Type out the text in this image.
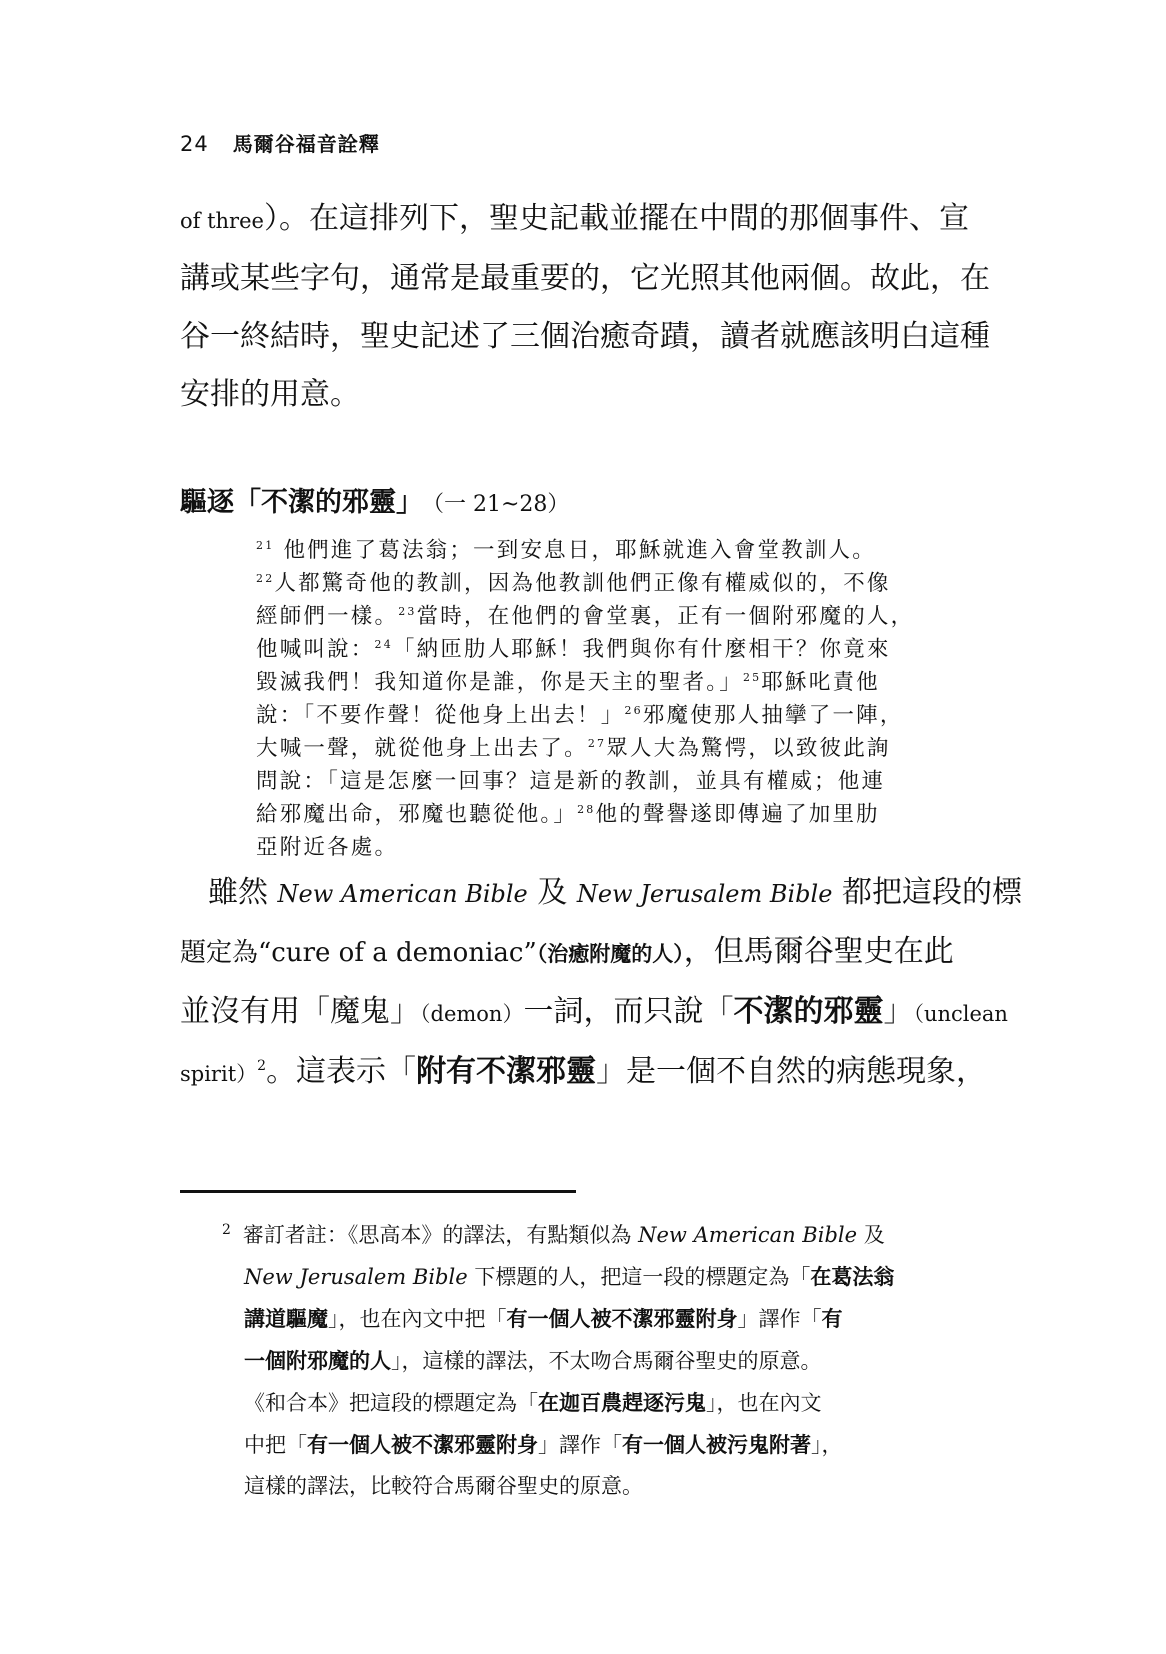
24 馬爾谷福音詮釋

of three）。在這排列下，聖史記載並擺在中間的那個事件、宣

講或某些字句，通常是最重要的，它光照其他兩個。故此，在

谷一終結時，聖史記述了三個治癒奇蹟，讀者就應該明白這種

安排的用意。

驅逐「不潔的邪靈」 （一 21~28）

$^{21}$ 他們進了葛法翁；一到安息日，耶穌就進入會堂教訓人。

$^{22}$人都驚奇他的教訓，因為他教訓他們正像有權威似的，不像

經師們一樣。$^{23}$當時，在他們的會堂裏，正有一個附邪魔的人，

他喊叫說：$^{24}$「納匝肋人耶穌！我們與你有什麼相干？你竟來

毀滅我們！我知道你是誰，你是天主的聖者。」$^{25}$耶穌叱責他

說：「不要作聲！從他身上出去！」$^{26}$邪魔使那人抽攣了一陣，

大喊一聲，就從他身上出去了。$^{27}$眾人大為驚愕，以致彼此詢

問說：「這是怎麼一回事？這是新的教訓，並具有權威；他連

給邪魔出命，邪魔也聽從他。」$^{28}$他的聲譽遂即傳遍了加里肋

亞附近各處。

雖然 New American Bible 及 New Jerusalem Bible 都把這段的標

題定為“cure of a demoniac”（治癒附魔的人），但馬爾谷聖史在此

並沒有用「魔鬼」（demon）一詞，而只說「不潔的邪靈」（unclean

spirit）$^2$。這表示「附有不潔邪靈」是一個不自然的病態現象，

$^2$ 審訂者註：《思高本》的譯法，有點類似為 New American Bible 及

New Jerusalem Bible 下標題的人，把這一段的標題定為「在葛法翁

講道驅魔」，也在內文中把「有一個人被不潔邪靈附身」譯作「有

一個附邪魔的人」，這樣的譯法，不太吻合馬爾谷聖史的原意。

《和合本》把這段的標題定為「在迦百農趕逐污鬼」，也在內文

中把「有一個人被不潔邪靈附身」譯作「有一個人被污鬼附著」，

這樣的譯法，比較符合馬爾谷聖史的原意。
